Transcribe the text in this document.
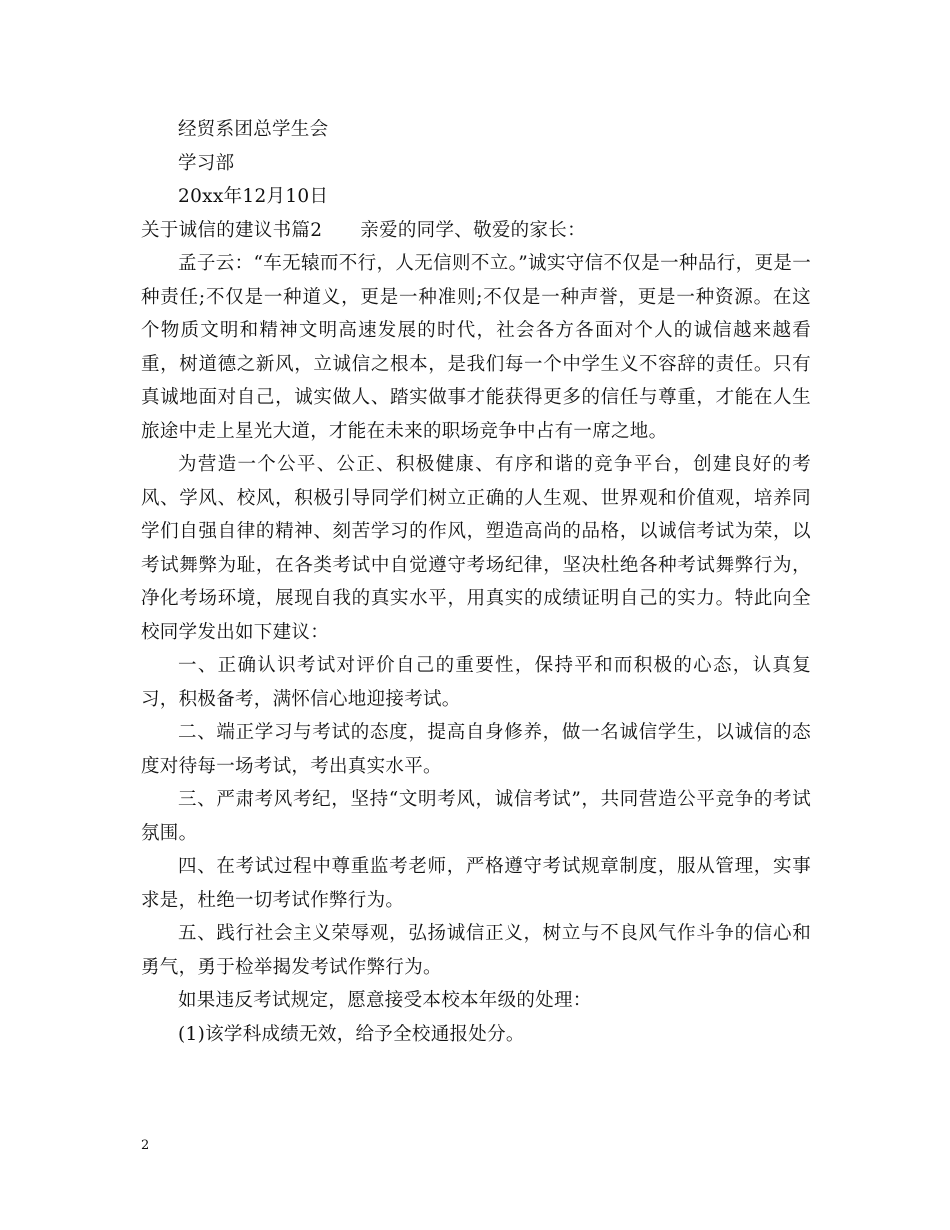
经贸系团总学生会

学习部

20xx年12月10日

关于诚信的建议书篇2 亲爱的同学、敬爱的家长：

孟子云：“车无辕而不行，人无信则不立。”诚实守信不仅是一种品行，更是一种责任;不仅是一种道义，更是一种准则;不仅是一种声誉，更是一种资源。在这个物质文明和精神文明高速发展的时代，社会各方各面对个人的诚信越来越看重，树道德之新风，立诚信之根本，是我们每一个中学生义不容辞的责任。只有真诚地面对自己，诚实做人、踏实做事才能获得更多的信任与尊重，才能在人生旅途中走上星光大道，才能在未来的职场竞争中占有一席之地。

为营造一个公平、公正、积极健康、有序和谐的竞争平台，创建良好的考风、学风、校风，积极引导同学们树立正确的人生观、世界观和价值观，培养同学们自强自律的精神、刻苦学习的作风，塑造高尚的品格，以诚信考试为荣，以考试舞弊为耻，在各类考试中自觉遵守考场纪律，坚决杜绝各种考试舞弊行为，净化考场环境，展现自我的真实水平，用真实的成绩证明自己的实力。特此向全校同学发出如下建议：

一、正确认识考试对评价自己的重要性，保持平和而积极的心态，认真复习，积极备考，满怀信心地迎接考试。

二、端正学习与考试的态度，提高自身修养，做一名诚信学生，以诚信的态度对待每一场考试，考出真实水平。

三、严肃考风考纪，坚持“文明考风，诚信考试”，共同营造公平竞争的考试氛围。

四、在考试过程中尊重监考老师，严格遵守考试规章制度，服从管理，实事求是，杜绝一切考试作弊行为。

五、践行社会主义荣辱观，弘扬诚信正义，树立与不良风气作斗争的信心和勇气，勇于检举揭发考试作弊行为。

如果违反考试规定，愿意接受本校本年级的处理：

(1)该学科成绩无效，给予全校通报处分。

2
